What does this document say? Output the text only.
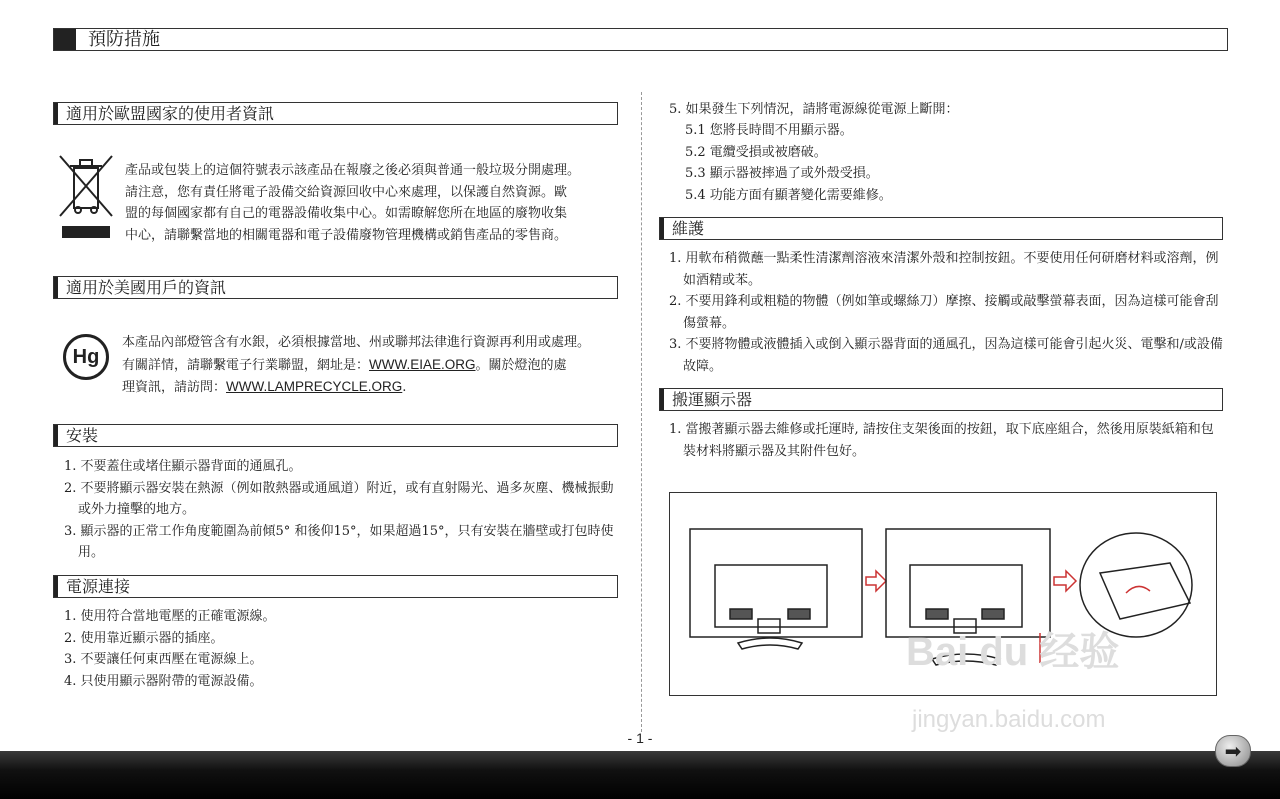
預防措施
適用於歐盟國家的使用者資訊
產品或包裝上的這個符號表示該產品在報廢之後必須與普通一般垃圾分開處理。
請注意，您有責任將電子設備交給資源回收中心來處理，以保護自然資源。歐
盟的每個國家都有自己的電器設備收集中心。如需瞭解您所在地區的廢物收集
中心，請聯繫當地的相關電器和電子設備廢物管理機構或銷售產品的零售商。
適用於美國用戶的資訊
Hg
本產品內部燈管含有水銀，必須根據當地、州或聯邦法律進行資源再利用或處理。
有關詳情，請聯繫電子行業聯盟，網址是：WWW.EIAE.ORG。關於燈泡的處
理資訊，請訪問：WWW.LAMPRECYCLE.ORG.
安裝
1. 不要蓋住或堵住顯示器背面的通風孔。
2. 不要將顯示器安裝在熱源（例如散熱器或通風道）附近，或有直射陽光、過多灰塵、機械振動或外力撞擊的地方。
3. 顯示器的正常工作角度範圍為前傾5° 和後仰15°，如果超過15°，只有安裝在牆壁或打包時使用。
電源連接
1. 使用符合當地電壓的正確電源線。
2. 使用靠近顯示器的插座。
3. 不要讓任何東西壓在電源線上。
4. 只使用顯示器附帶的電源設備。
5. 如果發生下列情況，請將電源線從電源上斷開：
5.1 您將長時間不用顯示器。
5.2 電纜受損或被磨破。
5.3 顯示器被摔過了或外殼受損。
5.4 功能方面有顯著變化需要維修。
維護
1. 用軟布稍微蘸一點柔性清潔劑溶液來清潔外殼和控制按鈕。不要使用任何研磨材料或溶劑，例如酒精或苯。
2. 不要用鋒利或粗糙的物體（例如筆或螺絲刀）摩擦、接觸或敲擊螢幕表面，因為這樣可能會刮傷螢幕。
3. 不要將物體或液體插入或倒入顯示器背面的通風孔，因為這樣可能會引起火災、電擊和/或設備故障。
搬運顯示器
1. 當搬著顯示器去維修或托運時, 請按住支架後面的按鈕，取下底座組合，然後用原裝紙箱和包裝材料將顯示器及其附件包好。
Bai du 经验
jingyan.baidu.com
- 1 -
➡
